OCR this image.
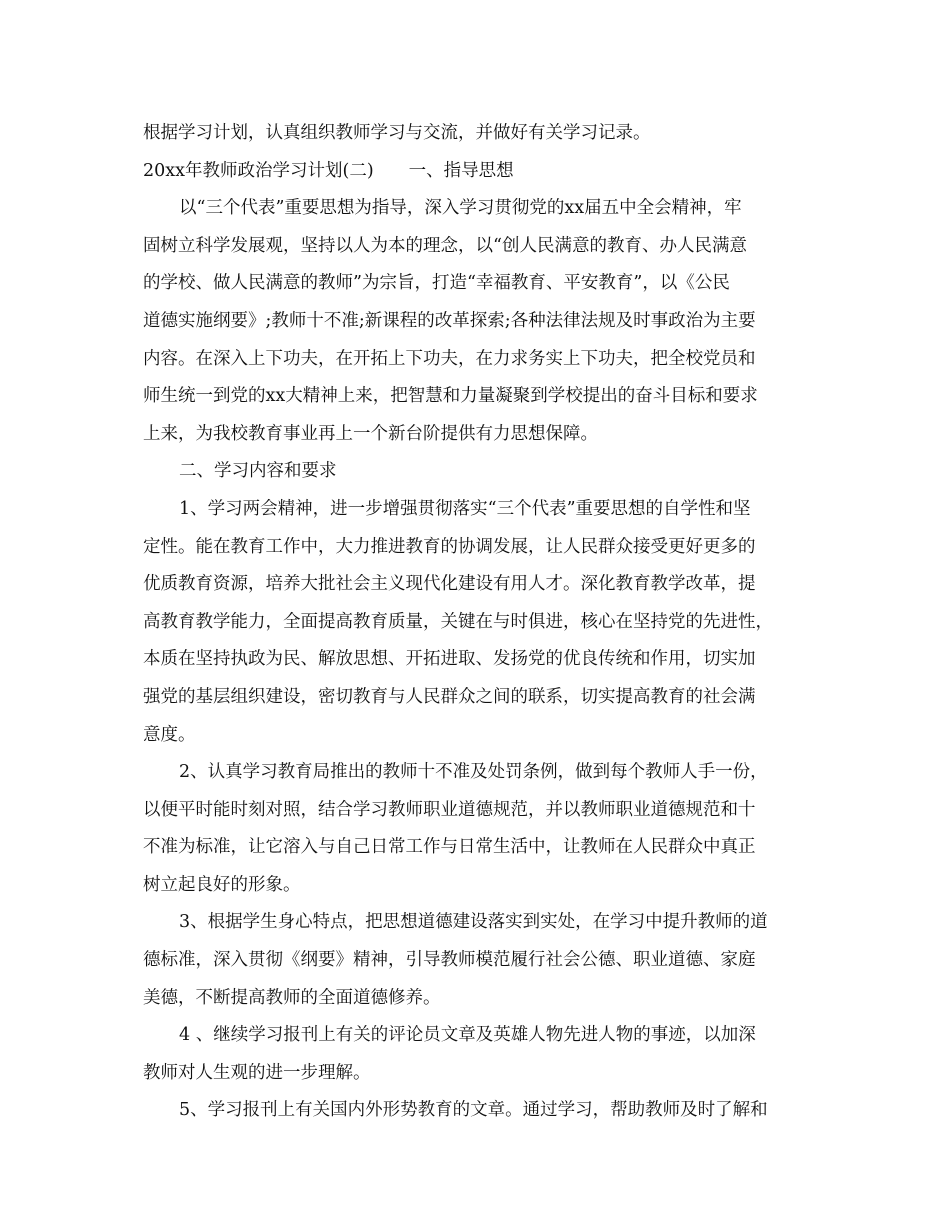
根据学习计划，认真组织教师学习与交流，并做好有关学习记录。
20xx年教师政治学习计划(二)　　一、指导思想
以“三个代表”重要思想为指导，深入学习贯彻党的xx届五中全会精神，牢
固树立科学发展观，坚持以人为本的理念，以“创人民满意的教育、办人民满意
的学校、做人民满意的教师”为宗旨，打造“幸福教育、平安教育”，以《公民
道德实施纲要》;教师十不准;新课程的改革探索;各种法律法规及时事政治为主要
内容。在深入上下功夫，在开拓上下功夫，在力求务实上下功夫，把全校党员和
师生统一到党的xx大精神上来，把智慧和力量凝聚到学校提出的奋斗目标和要求
上来，为我校教育事业再上一个新台阶提供有力思想保障。
二、学习内容和要求
1、学习两会精神，进一步增强贯彻落实“三个代表”重要思想的自学性和坚
定性。能在教育工作中，大力推进教育的协调发展，让人民群众接受更好更多的
优质教育资源，培养大批社会主义现代化建设有用人才。深化教育教学改革，提
高教育教学能力，全面提高教育质量，关键在与时俱进，核心在坚持党的先进性，
本质在坚持执政为民、解放思想、开拓进取、发扬党的优良传统和作用，切实加
强党的基层组织建设，密切教育与人民群众之间的联系，切实提高教育的社会满
意度。
2、认真学习教育局推出的教师十不准及处罚条例，做到每个教师人手一份，
以便平时能时刻对照，结合学习教师职业道德规范，并以教师职业道德规范和十
不准为标准，让它溶入与自己日常工作与日常生活中，让教师在人民群众中真正
树立起良好的形象。
3、根据学生身心特点，把思想道德建设落实到实处，在学习中提升教师的道
德标准，深入贯彻《纲要》精神，引导教师模范履行社会公德、职业道德、家庭
美德，不断提高教师的全面道德修养。
4 、继续学习报刊上有关的评论员文章及英雄人物先进人物的事迹，以加深
教师对人生观的进一步理解。
5、学习报刊上有关国内外形势教育的文章。通过学习，帮助教师及时了解和
